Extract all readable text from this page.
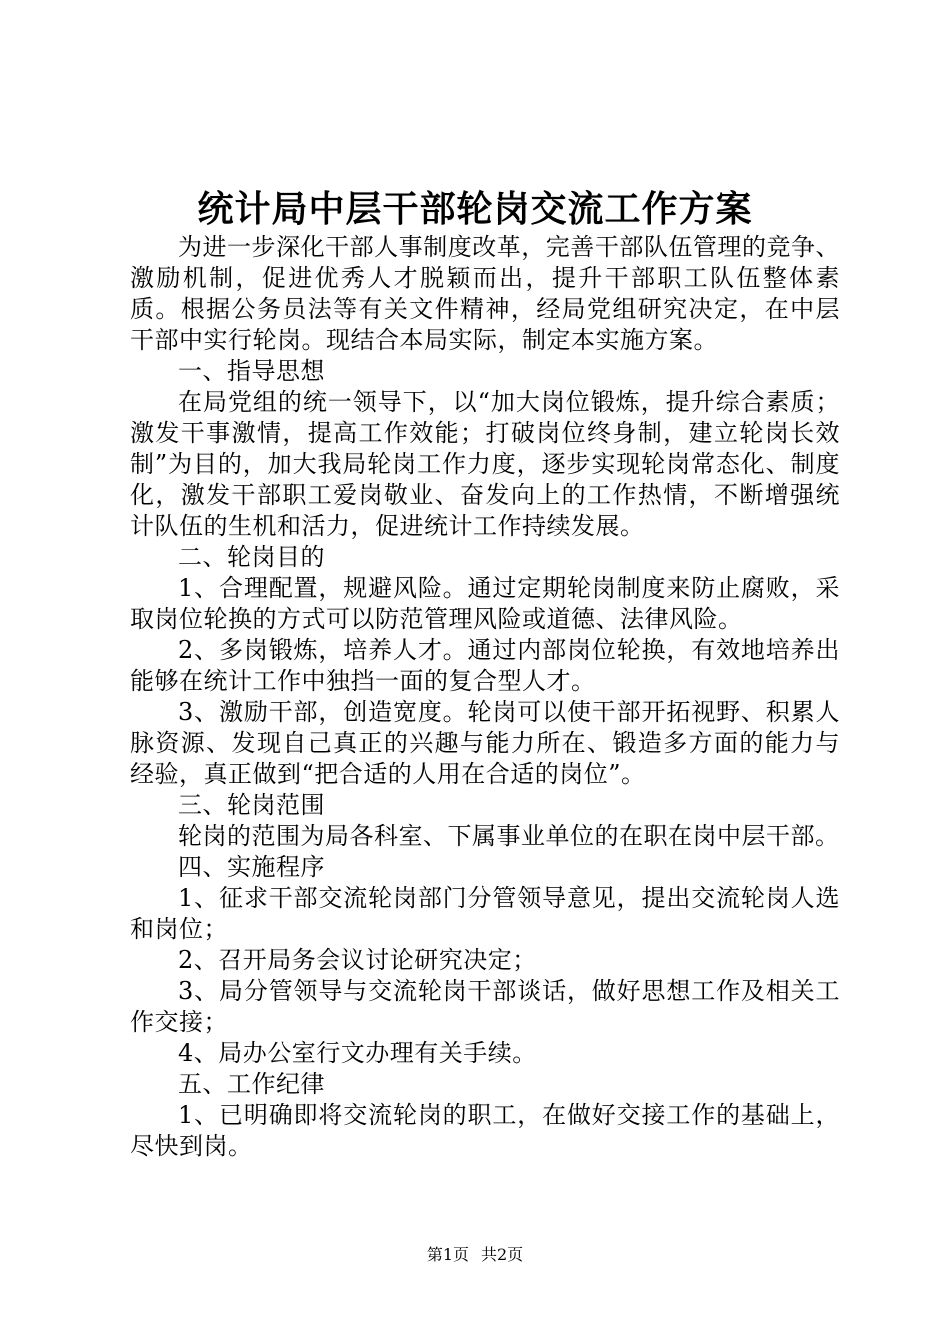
统计局中层干部轮岗交流工作方案

为进一步深化干部人事制度改革，完善干部队伍管理的竞争、激励机制，促进优秀人才脱颖而出，提升干部职工队伍整体素质。根据公务员法等有关文件精神，经局党组研究决定，在中层干部中实行轮岗。现结合本局实际，制定本实施方案。

一、指导思想

在局党组的统一领导下，以“加大岗位锻炼，提升综合素质；激发干事激情，提高工作效能；打破岗位终身制，建立轮岗长效制”为目的，加大我局轮岗工作力度，逐步实现轮岗常态化、制度化，激发干部职工爱岗敬业、奋发向上的工作热情，不断增强统计队伍的生机和活力，促进统计工作持续发展。

二、轮岗目的

1、合理配置，规避风险。通过定期轮岗制度来防止腐败，采取岗位轮换的方式可以防范管理风险或道德、法律风险。

2、多岗锻炼，培养人才。通过内部岗位轮换，有效地培养出能够在统计工作中独挡一面的复合型人才。

3、激励干部，创造宽度。轮岗可以使干部开拓视野、积累人脉资源、发现自己真正的兴趣与能力所在、锻造多方面的能力与经验，真正做到“把合适的人用在合适的岗位”。

三、轮岗范围

轮岗的范围为局各科室、下属事业单位的在职在岗中层干部。

四、实施程序

1、征求干部交流轮岗部门分管领导意见，提出交流轮岗人选和岗位；

2、召开局务会议讨论研究决定；

3、局分管领导与交流轮岗干部谈话，做好思想工作及相关工作交接；

4、局办公室行文办理有关手续。

五、工作纪律

1、已明确即将交流轮岗的职工，在做好交接工作的基础上，尽快到岗。

第1页 共2页
